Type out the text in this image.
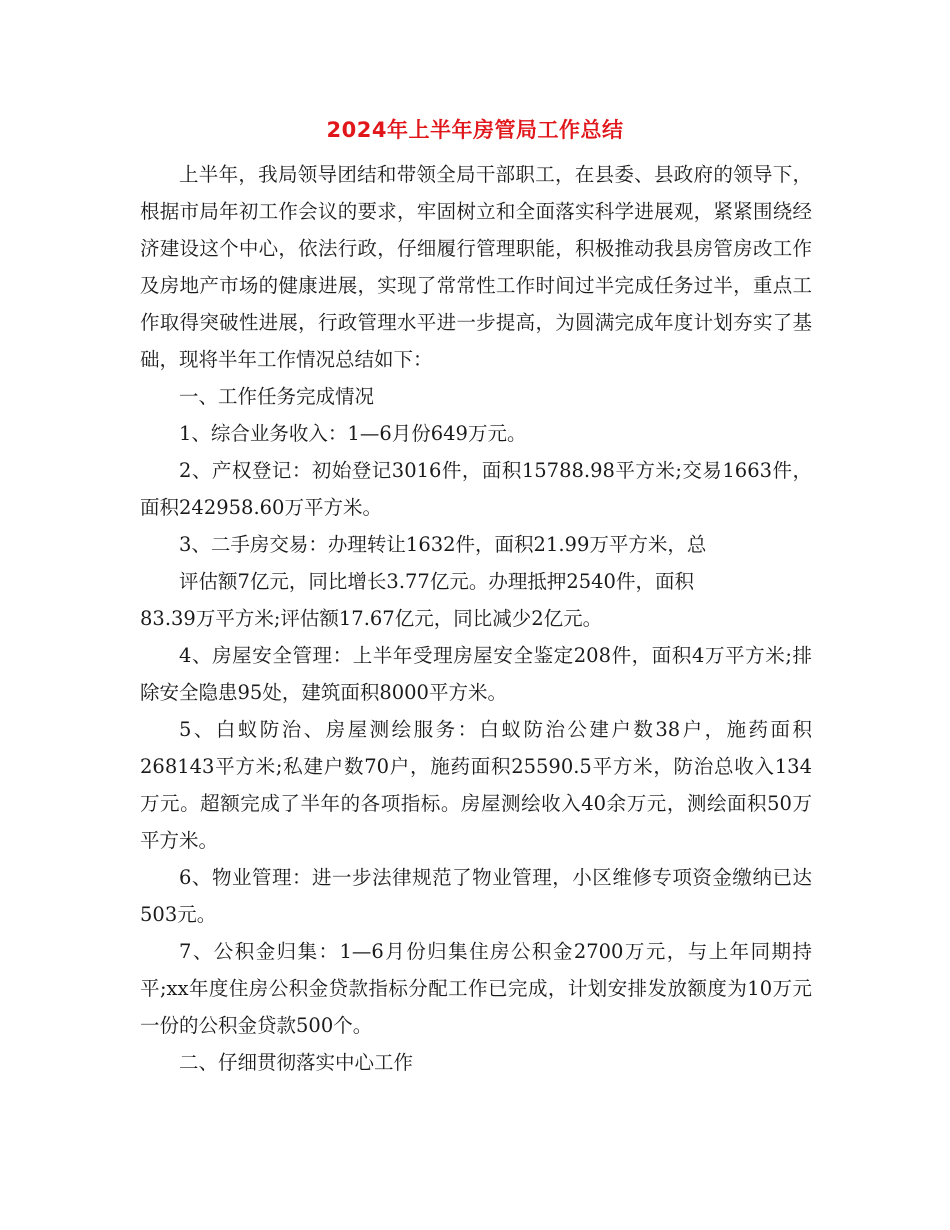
2024年上半年房管局工作总结

上半年，我局领导团结和带领全局干部职工，在县委、县政府的领导下，根据市局年初工作会议的要求，牢固树立和全面落实科学进展观，紧紧围绕经济建设这个中心，依法行政，仔细履行管理职能，积极推动我县房管房改工作及房地产市场的健康进展，实现了常常性工作时间过半完成任务过半，重点工作取得突破性进展，行政管理水平进一步提高，为圆满完成年度计划夯实了基础，现将半年工作情况总结如下：

一、工作任务完成情况

1、综合业务收入：1—6月份649万元。

2、产权登记：初始登记3016件，面积15788.98平方米;交易1663件，面积242958.60万平方米。

3、二手房交易：办理转让1632件，面积21.99万平方米，总
评估额7亿元，同比增长3.77亿元。办理抵押2540件，面积
83.39万平方米;评估额17.67亿元，同比减少2亿元。

4、房屋安全管理：上半年受理房屋安全鉴定208件，面积4万平方米;排除安全隐患95处，建筑面积8000平方米。

5、白蚁防治、房屋测绘服务：白蚁防治公建户数38户，施药面积268143平方米;私建户数70户，施药面积25590.5平方米，防治总收入134万元。超额完成了半年的各项指标。房屋测绘收入40余万元，测绘面积50万平方米。

6、物业管理：进一步法律规范了物业管理，小区维修专项资金缴纳已达503元。

7、公积金归集：1—6月份归集住房公积金2700万元，与上年同期持平;xx年度住房公积金贷款指标分配工作已完成，计划安排发放额度为10万元一份的公积金贷款500个。

二、仔细贯彻落实中心工作
